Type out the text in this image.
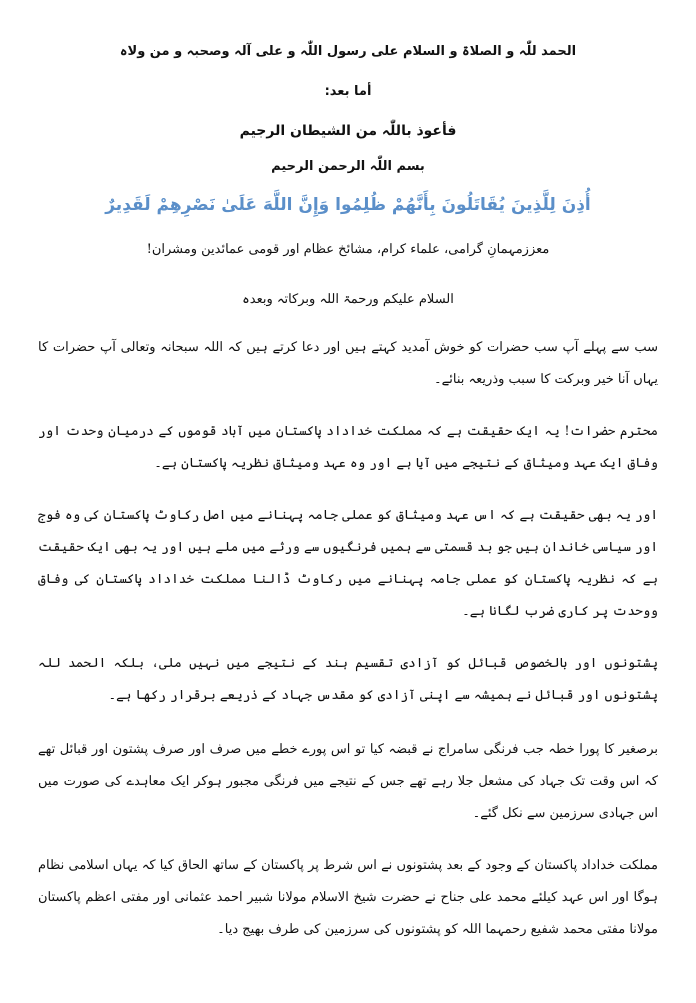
الحمد للّٰہ و الصلاۃ و السلام علی رسول اللّٰہ و علی آلہ وصحبہ و من ولاہ
أما بعد:
فأعوذ باللّٰہ من الشیطان الرجیم
بسم اللّٰہ الرحمن الرحیم
أُذِنَ لِلَّذِينَ يُقَاتَلُونَ بِأَنَّهُمْ ظُلِمُوا وَإِنَّ اللَّهَ عَلَىٰ نَصْرِهِمْ لَقَدِيرٌ
معززمہمانِ گرامی، علماء کرام، مشائخ عظام اور قومی عمائدین ومشران!
السلام علیکم ورحمۃ اللہ وبرکاتہ وبعدہ

سب سے پہلے آپ سب حضرات کو خوش آمدید کہتے ہیں اور دعا کرتے ہیں کہ اللہ سبحانہ وتعالی آپ حضرات کا یہاں آنا خیر وبرکت کا سبب وذریعہ بنائے۔

محترم حضرات! یہ ایک حقیقت ہے کہ مملکت خداداد پاکستان میں آباد قوموں کے درمیان وحدت اور وفاق ایک عہد ومیثاق کے نتیجے میں آیا ہے اور وہ عہد ومیثاق نظریہ پاکستان ہے۔

اور یہ بھی حقیقت ہے کہ اس عہد ومیثاق کو عملی جامہ پہنانے میں اصل رکاوٹ پاکستان کی وہ فوج اور سیاسی خاندان ہیں جو بد قسمتی سے ہمیں فرنگیوں سے ورثے میں ملے ہیں اور یہ بھی ایک حقیقت ہے کہ نظریہ پاکستان کو عملی جامہ پہنانے میں رکاوٹ ڈالنا مملکت خداداد پاکستان کی وفاق ووحدت پر کاری ضرب لگانا ہے۔

پشتونوں اور بالخصوص قبائل کو آزادی تقسیم ہند کے نتیجے میں نہیں ملی، بلکہ الحمد للہ پشتونوں اور قبائل نے ہمیشہ سے اپنی آزادی کو مقدس جہاد کے ذریعے برقرار رکھا ہے۔

برصغیر کا پورا خطہ جب فرنگی سامراج نے قبضہ کیا تو اس پورے خطے میں صرف اور صرف پشتون اور قبائل تھے کہ اس وقت تک جہاد کی مشعل جلا رہے تھے جس کے نتیجے میں فرنگی مجبور ہوکر ایک معاہدے کی صورت میں اس جہادی سرزمین سے نکل گئے۔

مملکت خداداد پاکستان کے وجود کے بعد پشتونوں نے اس شرط پر پاکستان کے ساتھ الحاق کیا کہ یہاں اسلامی نظام ہوگا اور اس عہد کیلئے محمد علی جناح نے حضرت شیخ الاسلام مولانا شبیر احمد عثمانی اور مفتی اعظم پاکستان مولانا مفتی محمد شفیع رحمہما اللہ کو پشتونوں کی سرزمین کی طرف بھیج دیا۔
